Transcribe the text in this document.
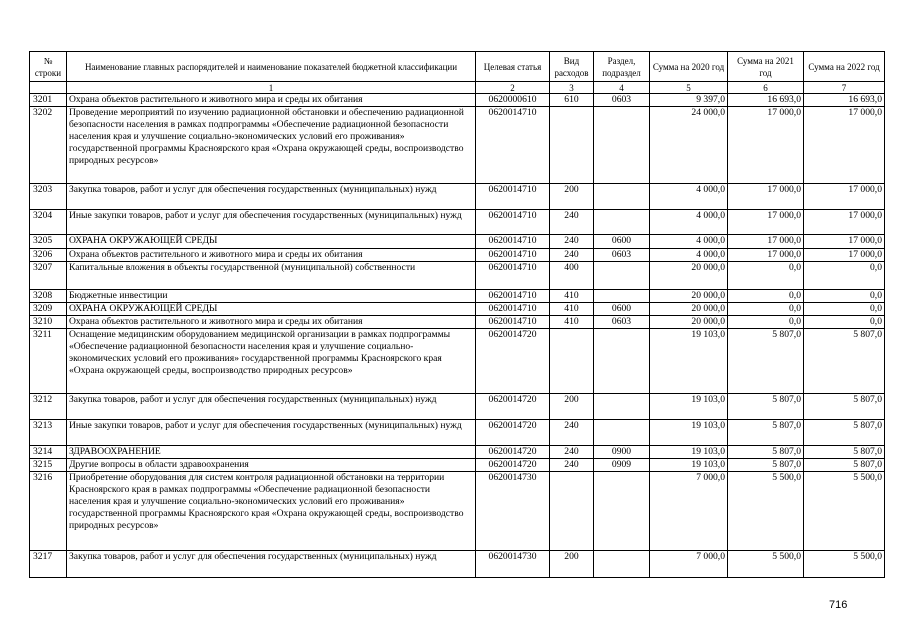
№ строки	Наименование главных распорядителей и наименование показателей бюджетной классификации	Целевая статья	Вид расходов	Раздел, подраздел	Сумма на 2020 год	Сумма на 2021 год	Сумма на 2022 год
	1	2	3	4	5	6	7
3201	Охрана объектов растительного и животного мира и среды их обитания	0620000610	610	0603	9 397,0	16 693,0	16 693,0
3202	Проведение мероприятий по изучению радиационной обстановки и обеспечению радиационной безопасности населения в рамках подпрограммы «Обеспечение радиационной безопасности населения края и улучшение социально-экономических условий его проживания» государственной программы Красноярского края «Охрана окружающей среды, воспроизводство природных ресурсов»	0620014710			24 000,0	17 000,0	17 000,0
3203	Закупка товаров, работ и услуг для обеспечения государственных (муниципальных) нужд	0620014710	200		4 000,0	17 000,0	17 000,0
3204	Иные закупки товаров, работ и услуг для обеспечения государственных (муниципальных) нужд	0620014710	240		4 000,0	17 000,0	17 000,0
3205	ОХРАНА ОКРУЖАЮЩЕЙ СРЕДЫ	0620014710	240	0600	4 000,0	17 000,0	17 000,0
3206	Охрана объектов растительного и животного мира и среды их обитания	0620014710	240	0603	4 000,0	17 000,0	17 000,0
3207	Капитальные вложения в объекты государственной (муниципальной) собственности	0620014710	400		20 000,0	0,0	0,0
3208	Бюджетные инвестиции	0620014710	410		20 000,0	0,0	0,0
3209	ОХРАНА ОКРУЖАЮЩЕЙ СРЕДЫ	0620014710	410	0600	20 000,0	0,0	0,0
3210	Охрана объектов растительного и животного мира и среды их обитания	0620014710	410	0603	20 000,0	0,0	0,0
3211	Оснащение медицинским оборудованием медицинской организации в рамках подпрограммы «Обеспечение радиационной безопасности населения края и улучшение социально-экономических условий его проживания» государственной программы Красноярского края «Охрана окружающей среды, воспроизводство природных ресурсов»	0620014720			19 103,0	5 807,0	5 807,0
3212	Закупка товаров, работ и услуг для обеспечения государственных (муниципальных) нужд	0620014720	200		19 103,0	5 807,0	5 807,0
3213	Иные закупки товаров, работ и услуг для обеспечения государственных (муниципальных) нужд	0620014720	240		19 103,0	5 807,0	5 807,0
3214	ЗДРАВООХРАНЕНИЕ	0620014720	240	0900	19 103,0	5 807,0	5 807,0
3215	Другие вопросы в области здравоохранения	0620014720	240	0909	19 103,0	5 807,0	5 807,0
3216	Приобретение оборудования для систем контроля радиационной обстановки на территории Красноярского края в рамках подпрограммы «Обеспечение радиационной безопасности населения края и улучшение социально-экономических условий его проживания» государственной программы Красноярского края «Охрана окружающей среды, воспроизводство природных ресурсов»	0620014730			7 000,0	5 500,0	5 500,0
3217	Закупка товаров, работ и услуг для обеспечения государственных (муниципальных) нужд	0620014730	200		7 000,0	5 500,0	5 500,0
716
